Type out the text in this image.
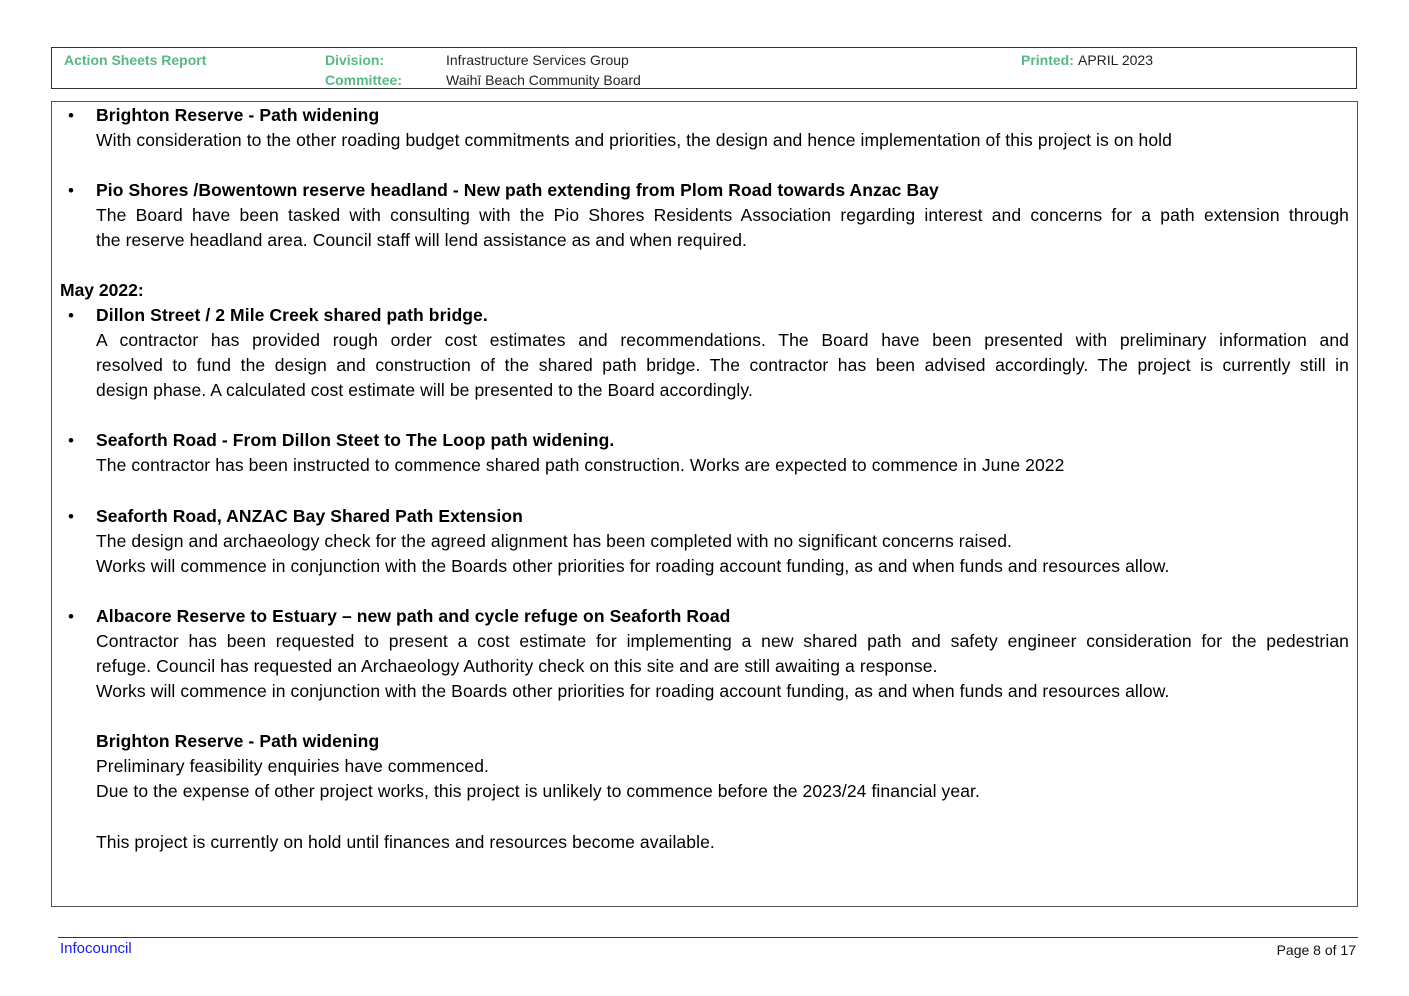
Action Sheets Report	Division:	Infrastructure Services Group
Committee:	Waihī Beach Community Board
Printed: APRIL 2023
• Brighton Reserve - Path widening
With consideration to the other roading budget commitments and priorities, the design and hence implementation of this project is on hold
• Pio Shores /Bowentown reserve headland - New path extending from Plom Road towards Anzac Bay
The Board have been tasked with consulting with the Pio Shores Residents Association regarding interest and concerns for a path extension through
the reserve headland area. Council staff will lend assistance as and when required.
May 2022:
• Dillon Street / 2 Mile Creek shared path bridge.
A contractor has provided rough order cost estimates and recommendations. The Board have been presented with preliminary information and
resolved to fund the design and construction of the shared path bridge. The contractor has been advised accordingly. The project is currently still in
design phase. A calculated cost estimate will be presented to the Board accordingly.
• Seaforth Road - From Dillon Steet to The Loop path widening.
The contractor has been instructed to commence shared path construction. Works are expected to commence in June 2022
• Seaforth Road, ANZAC Bay Shared Path Extension
The design and archaeology check for the agreed alignment has been completed with no significant concerns raised.
Works will commence in conjunction with the Boards other priorities for roading account funding, as and when funds and resources allow.
• Albacore Reserve to Estuary – new path and cycle refuge on Seaforth Road
Contractor has been requested to present a cost estimate for implementing a new shared path and safety engineer consideration for the pedestrian
refuge. Council has requested an Archaeology Authority check on this site and are still awaiting a response.
Works will commence in conjunction with the Boards other priorities for roading account funding, as and when funds and resources allow.
Brighton Reserve - Path widening
Preliminary feasibility enquiries have commenced.
Due to the expense of other project works, this project is unlikely to commence before the 2023/24 financial year.
This project is currently on hold until finances and resources become available.
Infocouncil	Page 8 of 17
